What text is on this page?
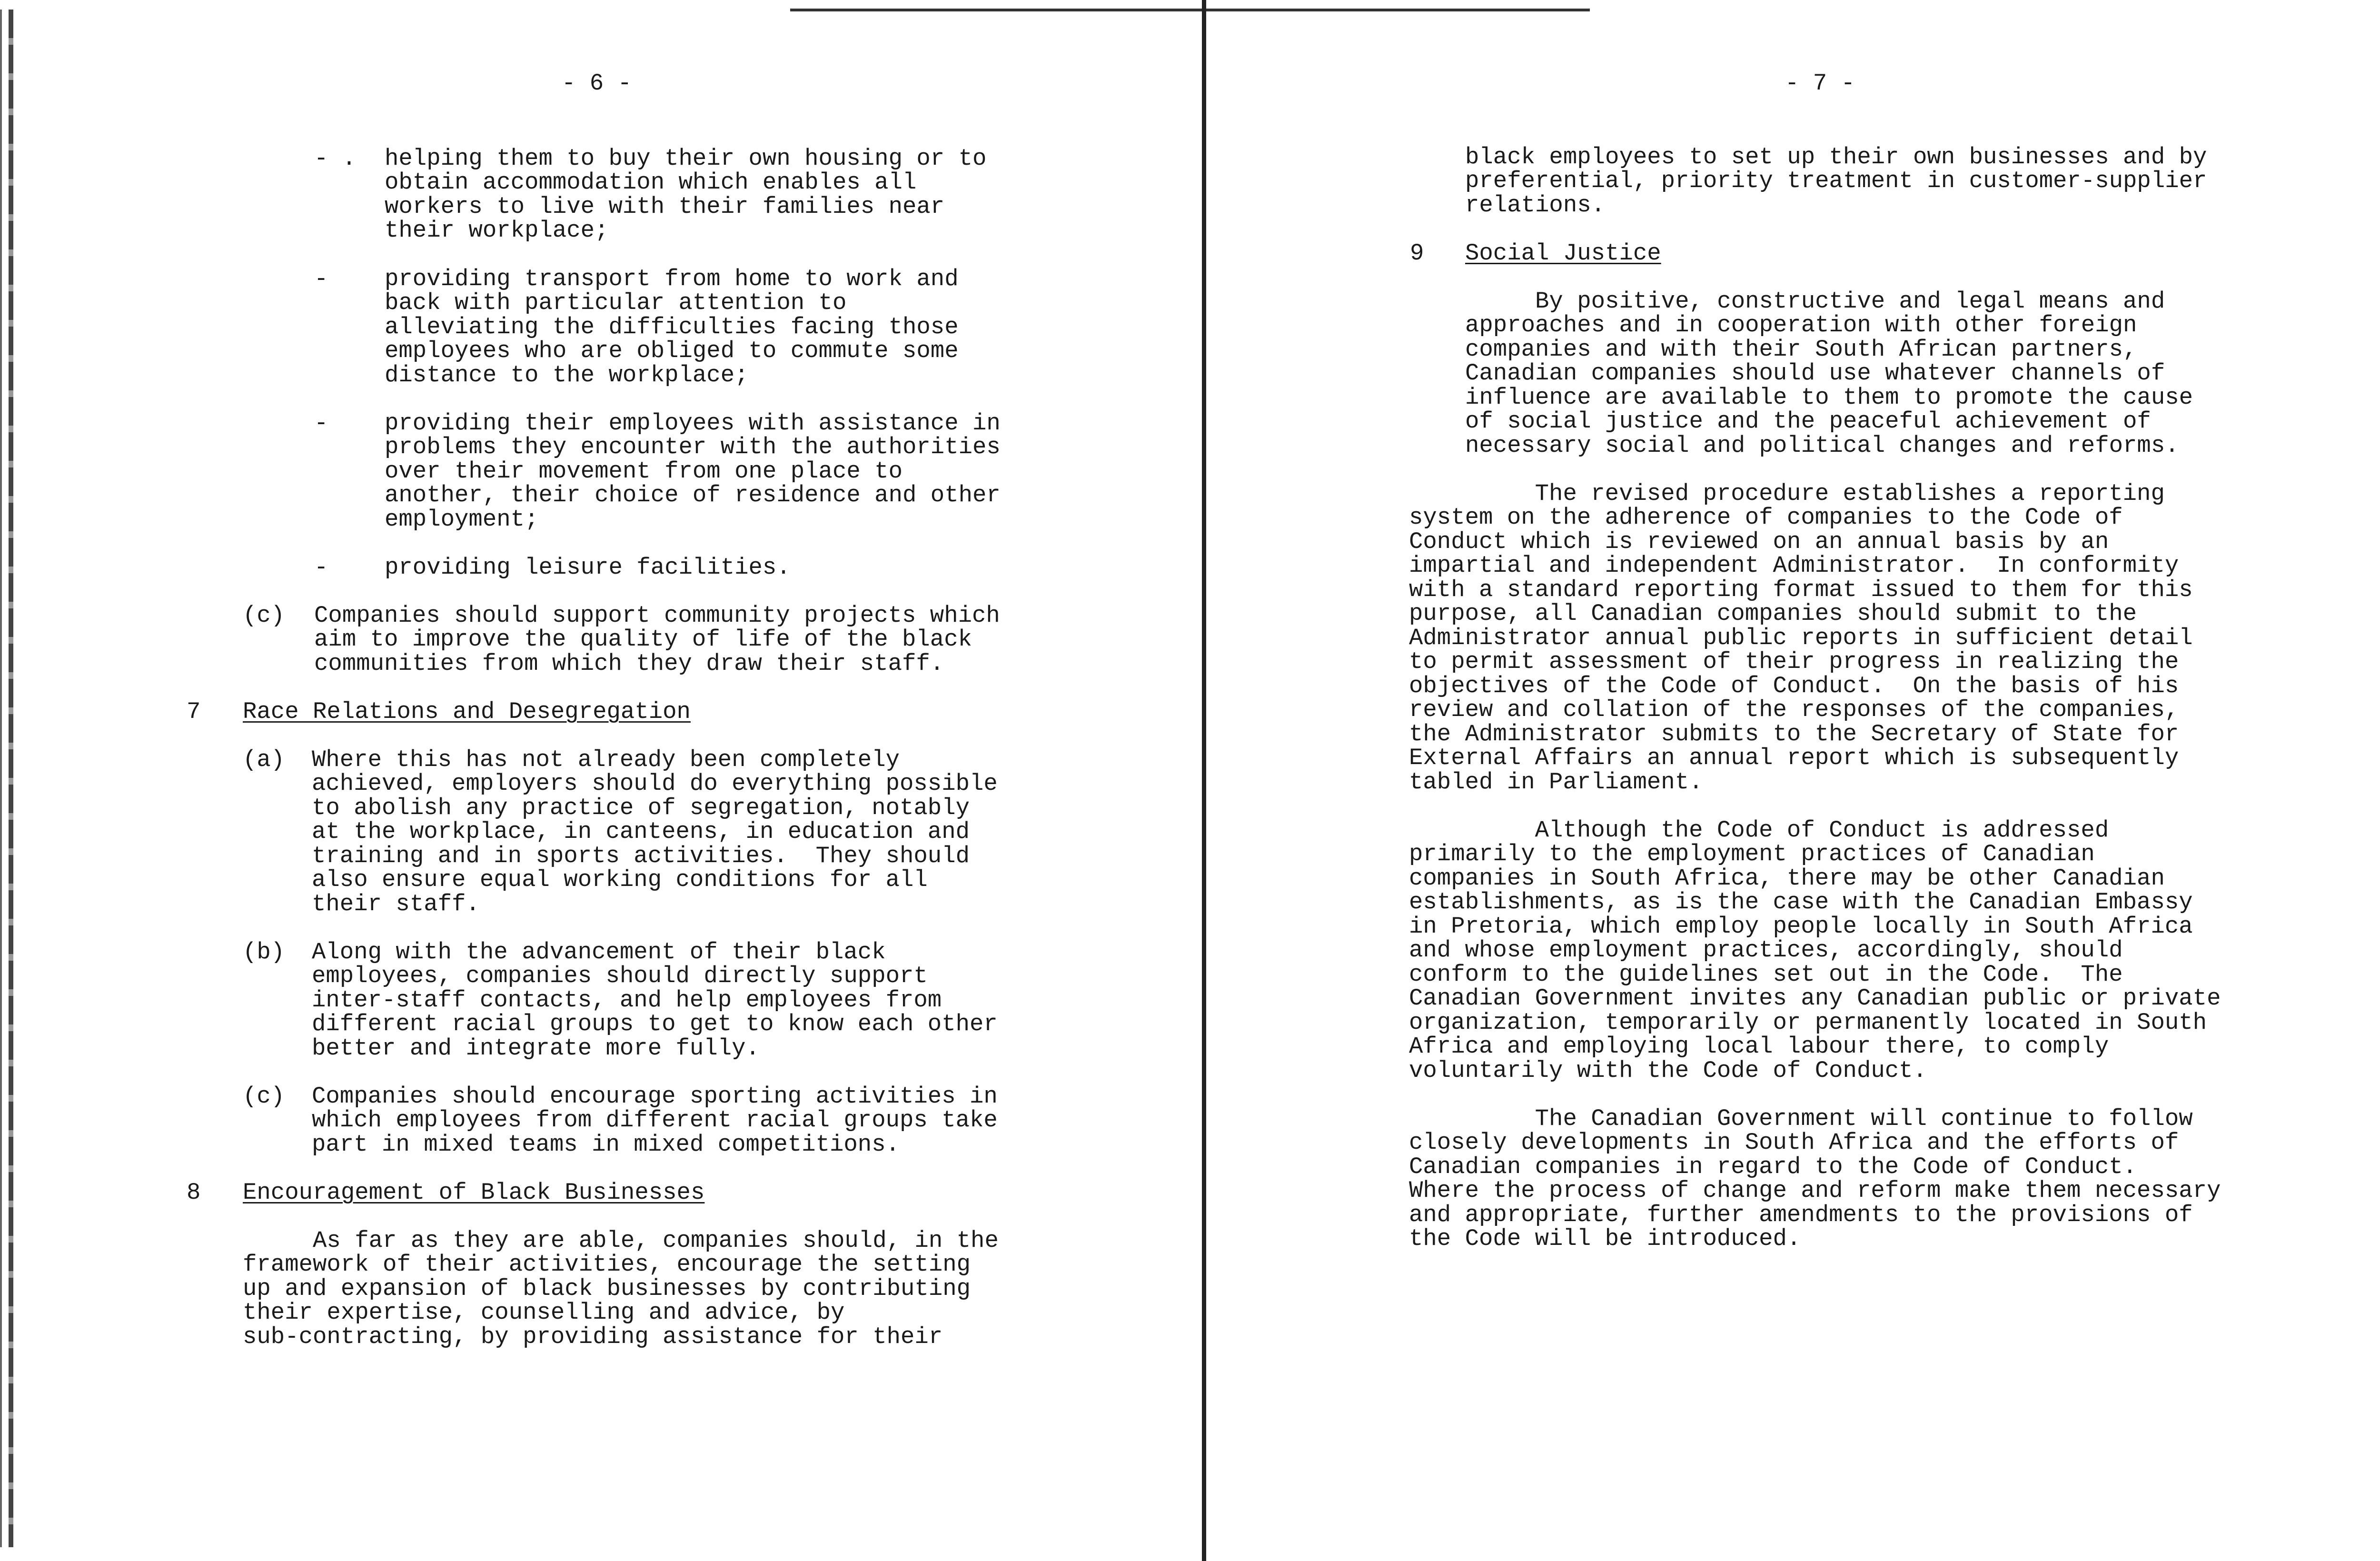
- 6 -

- . helping them to buy their own housing or to

obtain accommodation which enables all

workers to live with their families near

their workplace;

- providing transport from home to work and

back with particular attention to

alleviating the difficulties facing those

employees who are obliged to commute some

distance to the workplace;

- providing their employees with assistance in

problems they encounter with the authorities

over their movement from one place to

another, their choice of residence and other

employment;

- providing leisure facilities.

(c) Companies should support community projects which

aim to improve the quality of life of the black

communities from which they draw their staff.

7 Race Relations and Desegregation

(a) Where this has not already been completely

achieved, employers should do everything possible

to abolish any practice of segregation, notably

at the workplace, in canteens, in education and

training and in sports activities.  They should

also ensure equal working conditions for all

their staff.

(b) Along with the advancement of their black

employees, companies should directly support

inter-staff contacts, and help employees from

different racial groups to get to know each other

better and integrate more fully.

(c) Companies should encourage sporting activities in

which employees from different racial groups take

part in mixed teams in mixed competitions.

8 Encouragement of Black Businesses

As far as they are able, companies should, in the

framework of their activities, encourage the setting

up and expansion of black businesses by contributing

their expertise, counselling and advice, by

sub-contracting, by providing assistance for their

- 7 -

black employees to set up their own businesses and by

preferential, priority treatment in customer-supplier

relations.

9 Social Justice

By positive, constructive and legal means and

approaches and in cooperation with other foreign

companies and with their South African partners,

Canadian companies should use whatever channels of

influence are available to them to promote the cause

of social justice and the peaceful achievement of

necessary social and political changes and reforms.

The revised procedure establishes a reporting

system on the adherence of companies to the Code of

Conduct which is reviewed on an annual basis by an

impartial and independent Administrator.  In conformity

with a standard reporting format issued to them for this

purpose, all Canadian companies should submit to the

Administrator annual public reports in sufficient detail

to permit assessment of their progress in realizing the

objectives of the Code of Conduct.  On the basis of his

review and collation of the responses of the companies,

the Administrator submits to the Secretary of State for

External Affairs an annual report which is subsequently

tabled in Parliament.

Although the Code of Conduct is addressed

primarily to the employment practices of Canadian

companies in South Africa, there may be other Canadian

establishments, as is the case with the Canadian Embassy

in Pretoria, which employ people locally in South Africa

and whose employment practices, accordingly, should

conform to the guidelines set out in the Code.  The

Canadian Government invites any Canadian public or private

organization, temporarily or permanently located in South

Africa and employing local labour there, to comply

voluntarily with the Code of Conduct.

The Canadian Government will continue to follow

closely developments in South Africa and the efforts of

Canadian companies in regard to the Code of Conduct.

Where the process of change and reform make them necessary

and appropriate, further amendments to the provisions of

the Code will be introduced.
